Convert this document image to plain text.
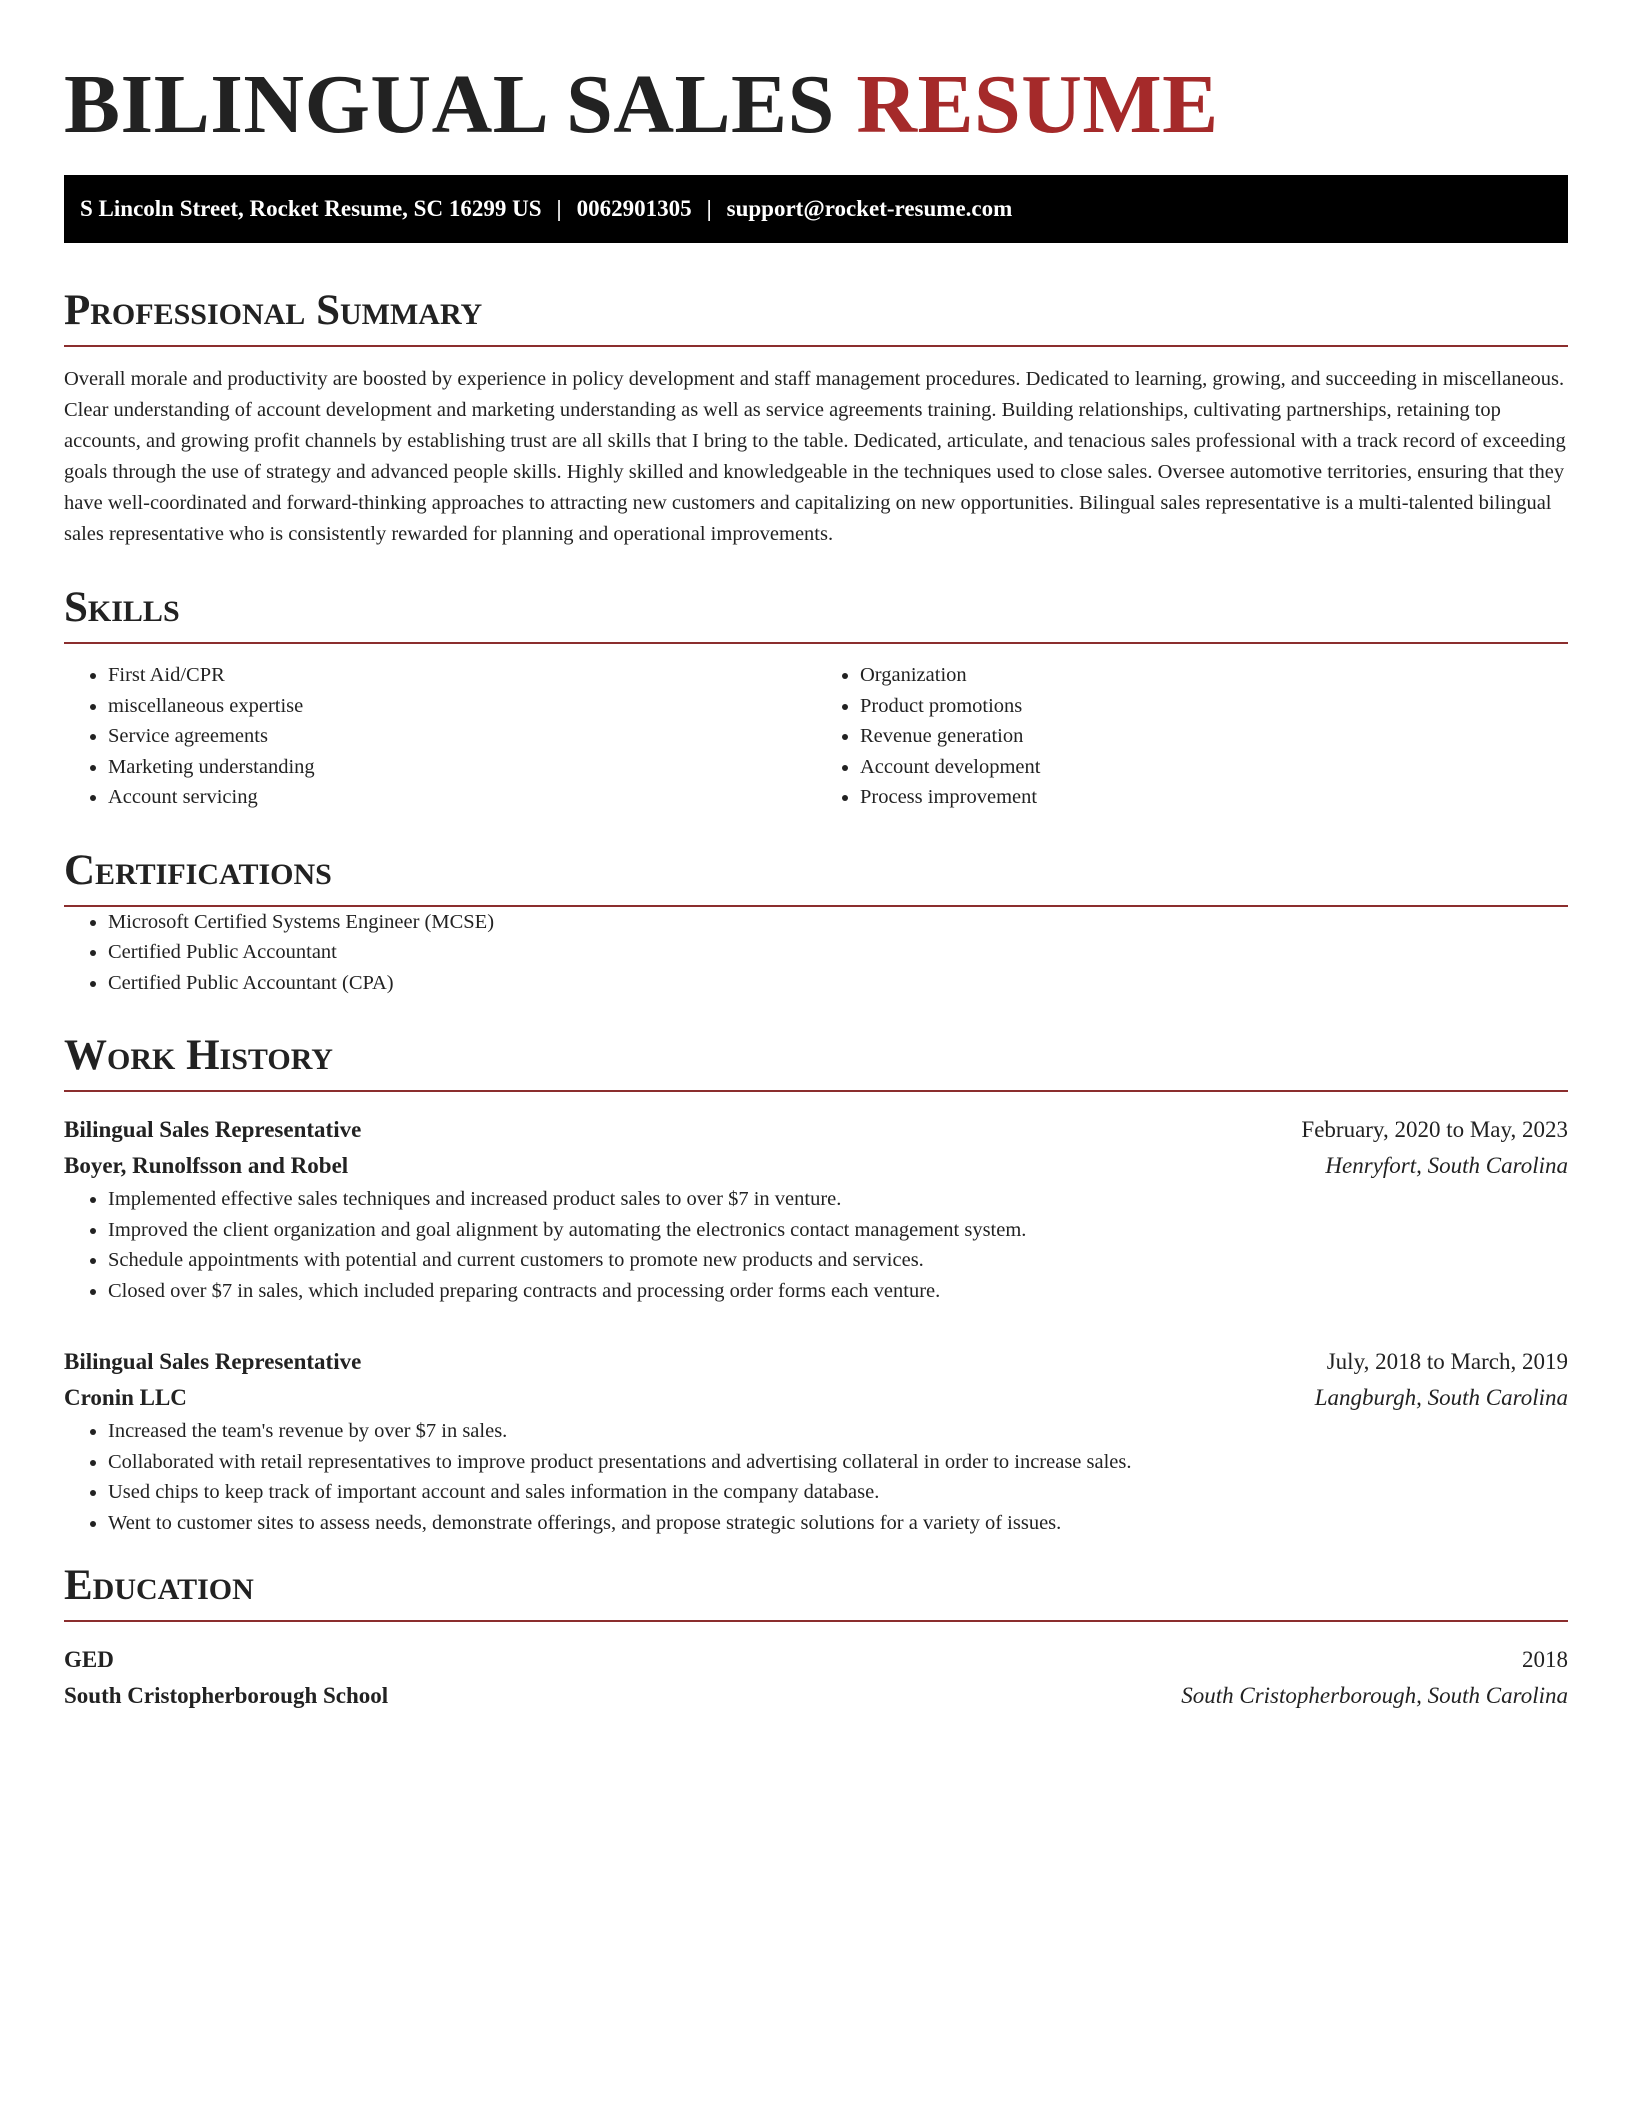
BILINGUAL SALES RESUME
S Lincoln Street, Rocket Resume, SC 16299 US | 0062901305 | support@rocket-resume.com
Professional Summary

Overall morale and productivity are boosted by experience in policy development and staff management procedures. Dedicated to learning, growing, and succeeding in miscellaneous. Clear understanding of account development and marketing understanding as well as service agreements training. Building relationships, cultivating partnerships, retaining top accounts, and growing profit channels by establishing trust are all skills that I bring to the table. Dedicated, articulate, and tenacious sales professional with a track record of exceeding goals through the use of strategy and advanced people skills. Highly skilled and knowledgeable in the techniques used to close sales. Oversee automotive territories, ensuring that they have well-coordinated and forward-thinking approaches to attracting new customers and capitalizing on new opportunities. Bilingual sales representative is a multi-talented bilingual sales representative who is consistently rewarded for planning and operational improvements.

Skills
• First Aid/CPR
• miscellaneous expertise
• Service agreements
• Marketing understanding
• Account servicing
• Organization
• Product promotions
• Revenue generation
• Account development
• Process improvement
Certifications
• Microsoft Certified Systems Engineer (MCSE)
• Certified Public Accountant
• Certified Public Accountant (CPA)
Work History
Bilingual Sales Representative	February, 2020 to May, 2023
Boyer, Runolfsson and Robel	Henryfort, South Carolina
• Implemented effective sales techniques and increased product sales to over $7 in venture.
• Improved the client organization and goal alignment by automating the electronics contact management system.
• Schedule appointments with potential and current customers to promote new products and services.
• Closed over $7 in sales, which included preparing contracts and processing order forms each venture.
Bilingual Sales Representative	July, 2018 to March, 2019
Cronin LLC	Langburgh, South Carolina
• Increased the team's revenue by over $7 in sales.
• Collaborated with retail representatives to improve product presentations and advertising collateral in order to increase sales.
• Used chips to keep track of important account and sales information in the company database.
• Went to customer sites to assess needs, demonstrate offerings, and propose strategic solutions for a variety of issues.
Education
GED	2018
South Cristopherborough School	South Cristopherborough, South Carolina
